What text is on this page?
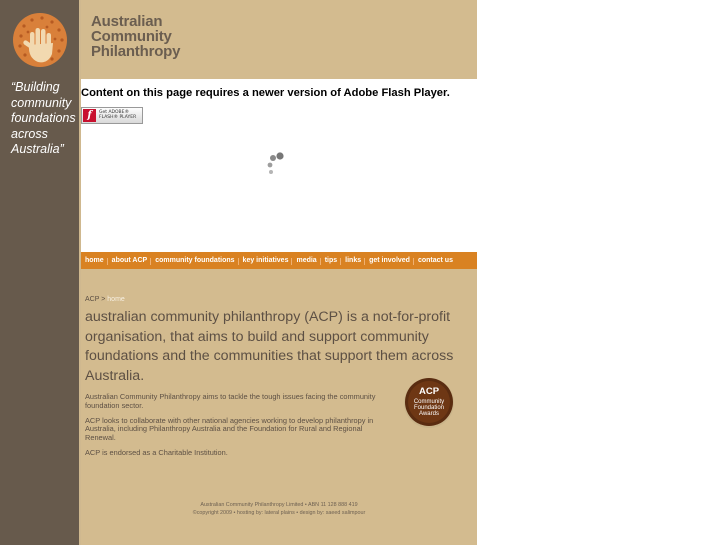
“Building community foundations across Australia”
Australian
Community
Philanthropy
Content on this page requires a newer version of Adobe Flash Player.
f	Get ADOBE®
FLASH® PLAYER
home	about ACP	community foundations	key initiatives	media	tips	links	get involved	contact us
ACP > home
australian community philanthropy (ACP) is a not-for-profit organisation, that aims to build and support community foundations and the communities that support them across Australia.

Australian Community Philanthropy aims to tackle the tough issues facing the community foundation sector.

ACP looks to collaborate with other national agencies working to develop philanthropy in Australia, including Philanthropy Australia and the Foundation for Rural and Regional Renewal.

ACP is endorsed as a Charitable Institution.

ACP
Community
Foundation
Awards
Australian Community Philanthropy Limited • ABN 11 128 888 419
©copyright 2009 • hosting by: lateral plains • design by: saeed salimpour
